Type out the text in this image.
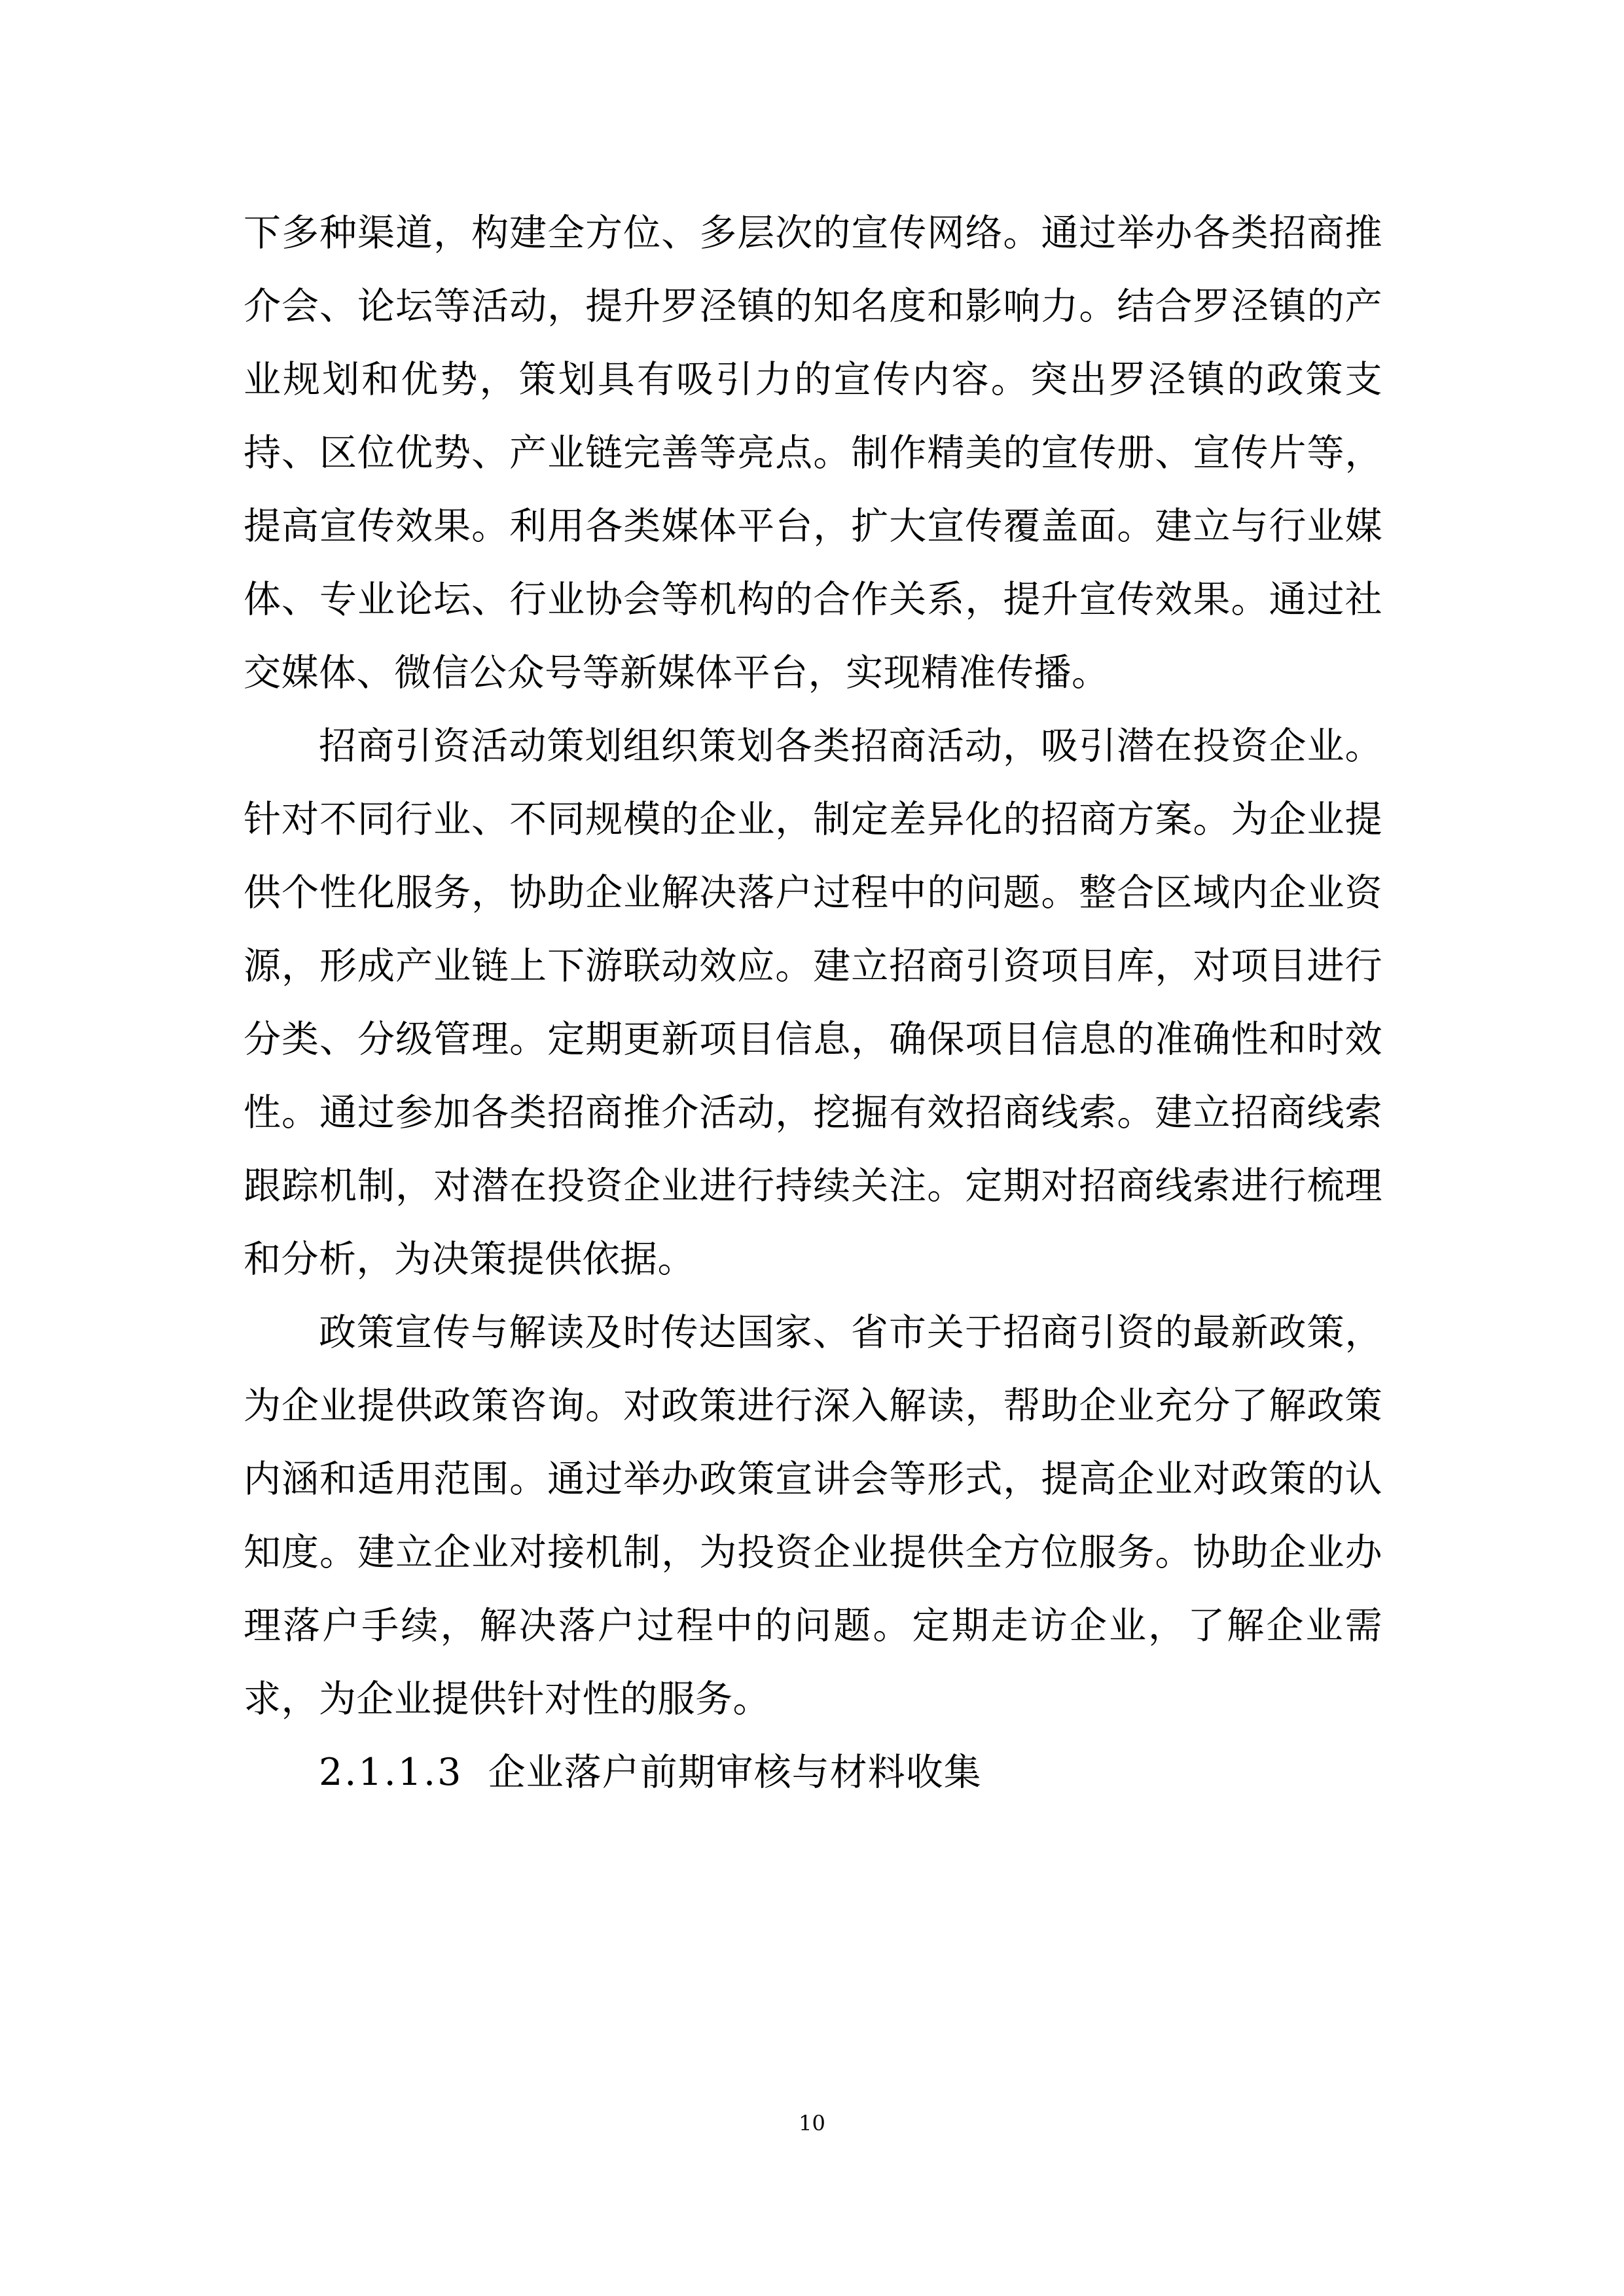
下多种渠道，构建全方位、多层次的宣传网络。通过举办各类招商推介会、论坛等活动，提升罗泾镇的知名度和影响力。结合罗泾镇的产业规划和优势，策划具有吸引力的宣传内容。突出罗泾镇的政策支持、区位优势、产业链完善等亮点。制作精美的宣传册、宣传片等，提高宣传效果。利用各类媒体平台，扩大宣传覆盖面。建立与行业媒体、专业论坛、行业协会等机构的合作关系，提升宣传效果。通过社交媒体、微信公众号等新媒体平台，实现精准传播。

招商引资活动策划组织策划各类招商活动，吸引潜在投资企业。针对不同行业、不同规模的企业，制定差异化的招商方案。为企业提供个性化服务，协助企业解决落户过程中的问题。整合区域内企业资源，形成产业链上下游联动效应。建立招商引资项目库，对项目进行分类、分级管理。定期更新项目信息，确保项目信息的准确性和时效性。通过参加各类招商推介活动，挖掘有效招商线索。建立招商线索跟踪机制，对潜在投资企业进行持续关注。定期对招商线索进行梳理和分析，为决策提供依据。

政策宣传与解读及时传达国家、省市关于招商引资的最新政策，为企业提供政策咨询。对政策进行深入解读，帮助企业充分了解政策内涵和适用范围。通过举办政策宣讲会等形式，提高企业对政策的认知度。建立企业对接机制，为投资企业提供全方位服务。协助企业办理落户手续，解决落户过程中的问题。定期走访企业，了解企业需求，为企业提供针对性的服务。

2.1.1.3 企业落户前期审核与材料收集

10
